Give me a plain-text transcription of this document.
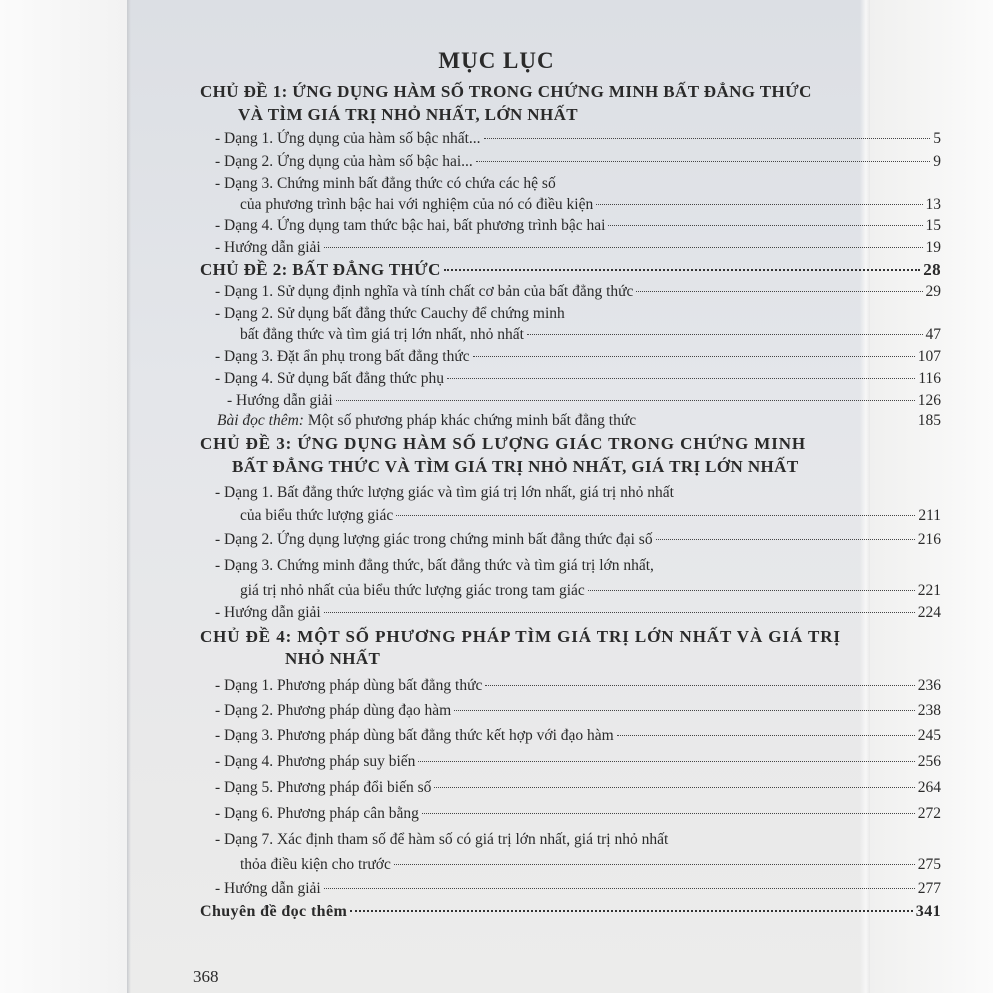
MỤC LỤC
CHỦ ĐỀ 1: ỨNG DỤNG HÀM SỐ TRONG CHỨNG MINH BẤT ĐẲNG THỨC
VÀ TÌM GIÁ TRỊ NHỎ NHẤT, LỚN NHẤT
- Dạng 1. Ứng dụng của hàm số bậc nhất...	5
- Dạng 2. Ứng dụng của hàm số bậc hai...	9
- Dạng 3. Chứng minh bất đẳng thức có chứa các hệ số
của phương trình bậc hai với nghiệm của nó có điều kiện	13
- Dạng 4. Ứng dụng tam thức bậc hai, bất phương trình bậc hai	15
- Hướng dẫn giải	19
CHỦ ĐỀ 2: BẤT ĐẲNG THỨC	28
- Dạng 1. Sử dụng định nghĩa và tính chất cơ bản của bất đẳng thức	29
- Dạng 2. Sử dụng bất đẳng thức Cauchy để chứng minh
bất đẳng thức và tìm giá trị lớn nhất, nhỏ nhất	47
- Dạng 3. Đặt ẩn phụ trong bất đẳng thức	107
- Dạng 4. Sử dụng bất đẳng thức phụ	116
- Hướng dẫn giải	126
Bài đọc thêm: Một số phương pháp khác chứng minh bất đẳng thức	185
CHỦ ĐỀ 3: ỨNG DỤNG HÀM SỐ LƯỢNG GIÁC TRONG CHỨNG MINH
BẤT ĐẲNG THỨC VÀ TÌM GIÁ TRỊ NHỎ NHẤT, GIÁ TRỊ LỚN NHẤT
- Dạng 1. Bất đẳng thức lượng giác và tìm giá trị lớn nhất, giá trị nhỏ nhất
của biểu thức lượng giác	211
- Dạng 2. Ứng dụng lượng giác trong chứng minh bất đẳng thức đại số	216
- Dạng 3. Chứng minh đẳng thức, bất đẳng thức và tìm giá trị lớn nhất,
giá trị nhỏ nhất của biểu thức lượng giác trong tam giác	221
- Hướng dẫn giải	224
CHỦ ĐỀ 4: MỘT SỐ PHƯƠNG PHÁP TÌM GIÁ TRỊ LỚN NHẤT VÀ GIÁ TRỊ
NHỎ NHẤT
- Dạng 1. Phương pháp dùng bất đẳng thức	236
- Dạng 2. Phương pháp dùng đạo hàm	238
- Dạng 3. Phương pháp dùng bất đẳng thức kết hợp với đạo hàm	245
- Dạng 4. Phương pháp suy biến	256
- Dạng 5. Phương pháp đổi biến số	264
- Dạng 6. Phương pháp cân bằng	272
- Dạng 7. Xác định tham số để hàm số có giá trị lớn nhất, giá trị nhỏ nhất
thỏa điều kiện cho trước	275
- Hướng dẫn giải	277
Chuyên đề đọc thêm	341
368
